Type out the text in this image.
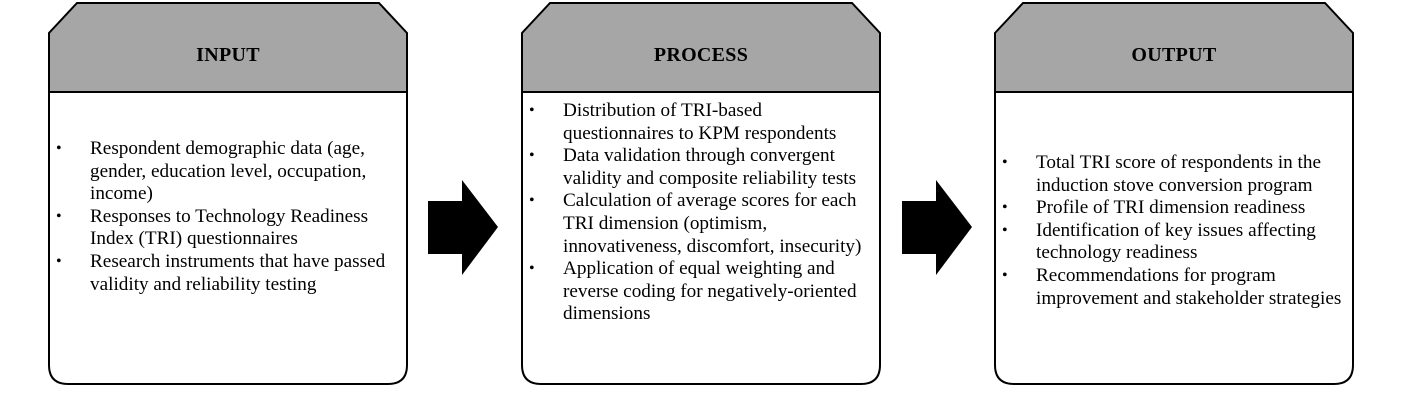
INPUT
• Respondent demographic data (age, gender, education level, occupation, income)
• Responses to Technology Readiness Index (TRI) questionnaires
• Research instruments that have passed validity and reliability testing
PROCESS
• Distribution of TRI-based questionnaires to KPM respondents
• Data validation through convergent validity and composite reliability tests
• Calculation of average scores for each TRI dimension (optimism, innovativeness, discomfort, insecurity)
• Application of equal weighting and reverse coding for negatively-oriented dimensions
OUTPUT
• Total TRI score of respondents in the induction stove conversion program
• Profile of TRI dimension readiness
• Identification of key issues affecting technology readiness
• Recommendations for program improvement and stakeholder strategies
